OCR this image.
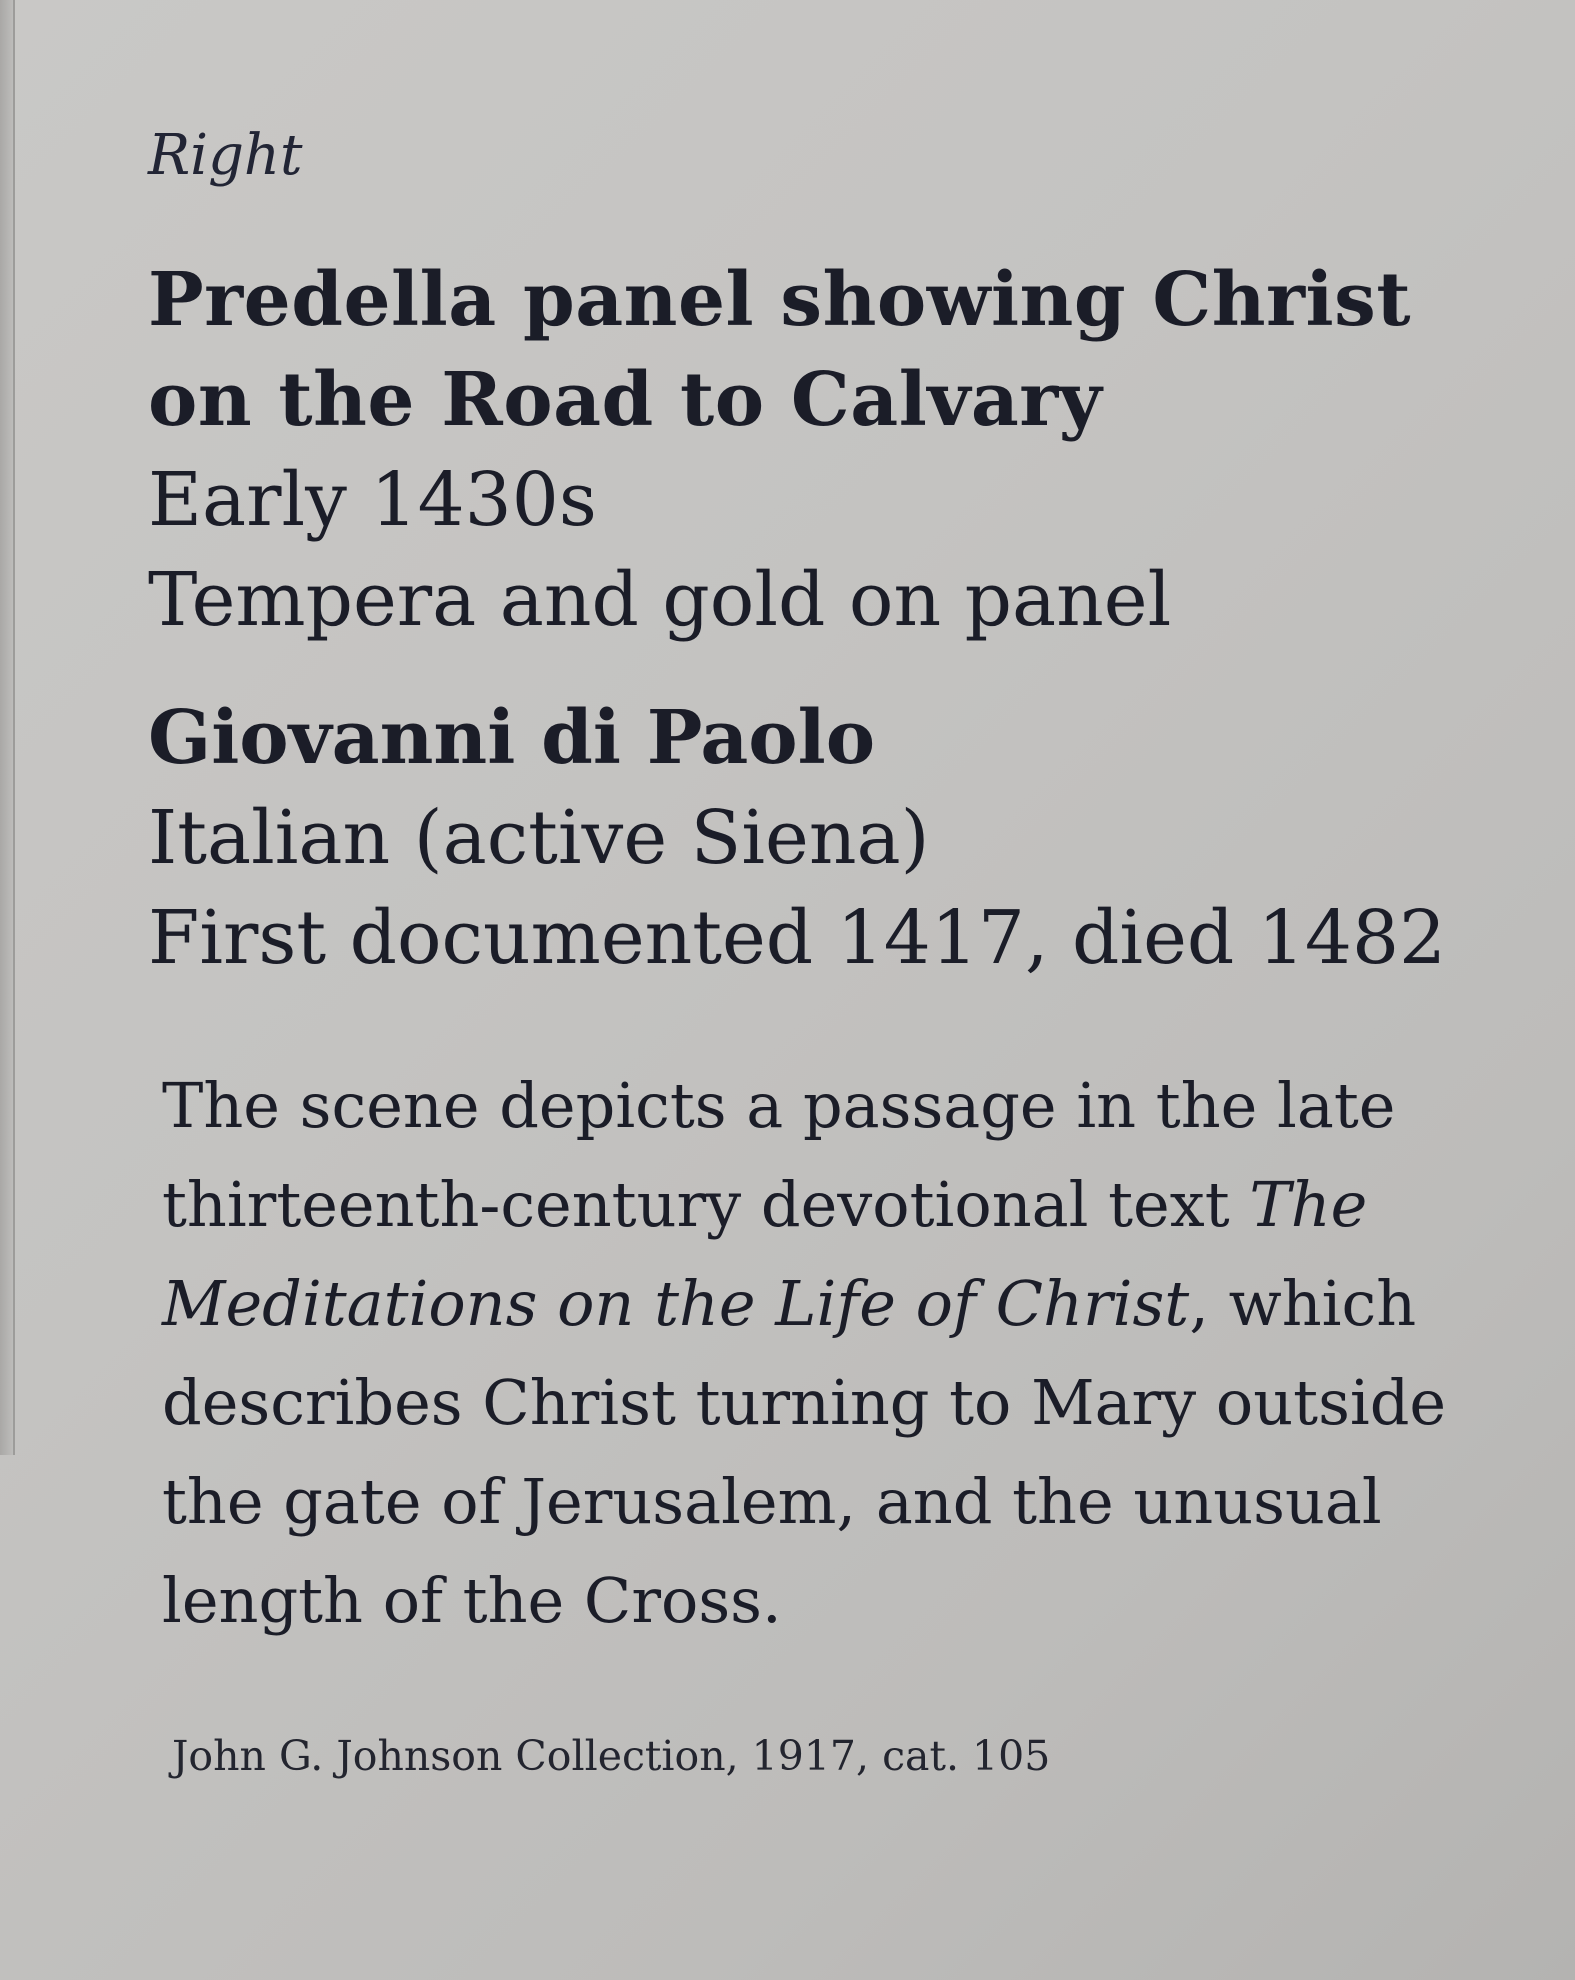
Right

Predella panel showing Christ

on the Road to Calvary

Early 1430s

Tempera and gold on panel

Giovanni di Paolo

Italian (active Siena)

First documented 1417, died 1482

The scene depicts a passage in the late thirteenth-century devotional text The Meditations on the Life of Christ, which describes Christ turning to Mary outside the gate of Jerusalem, and the unusual length of the Cross.

John G. Johnson Collection, 1917, cat. 105
